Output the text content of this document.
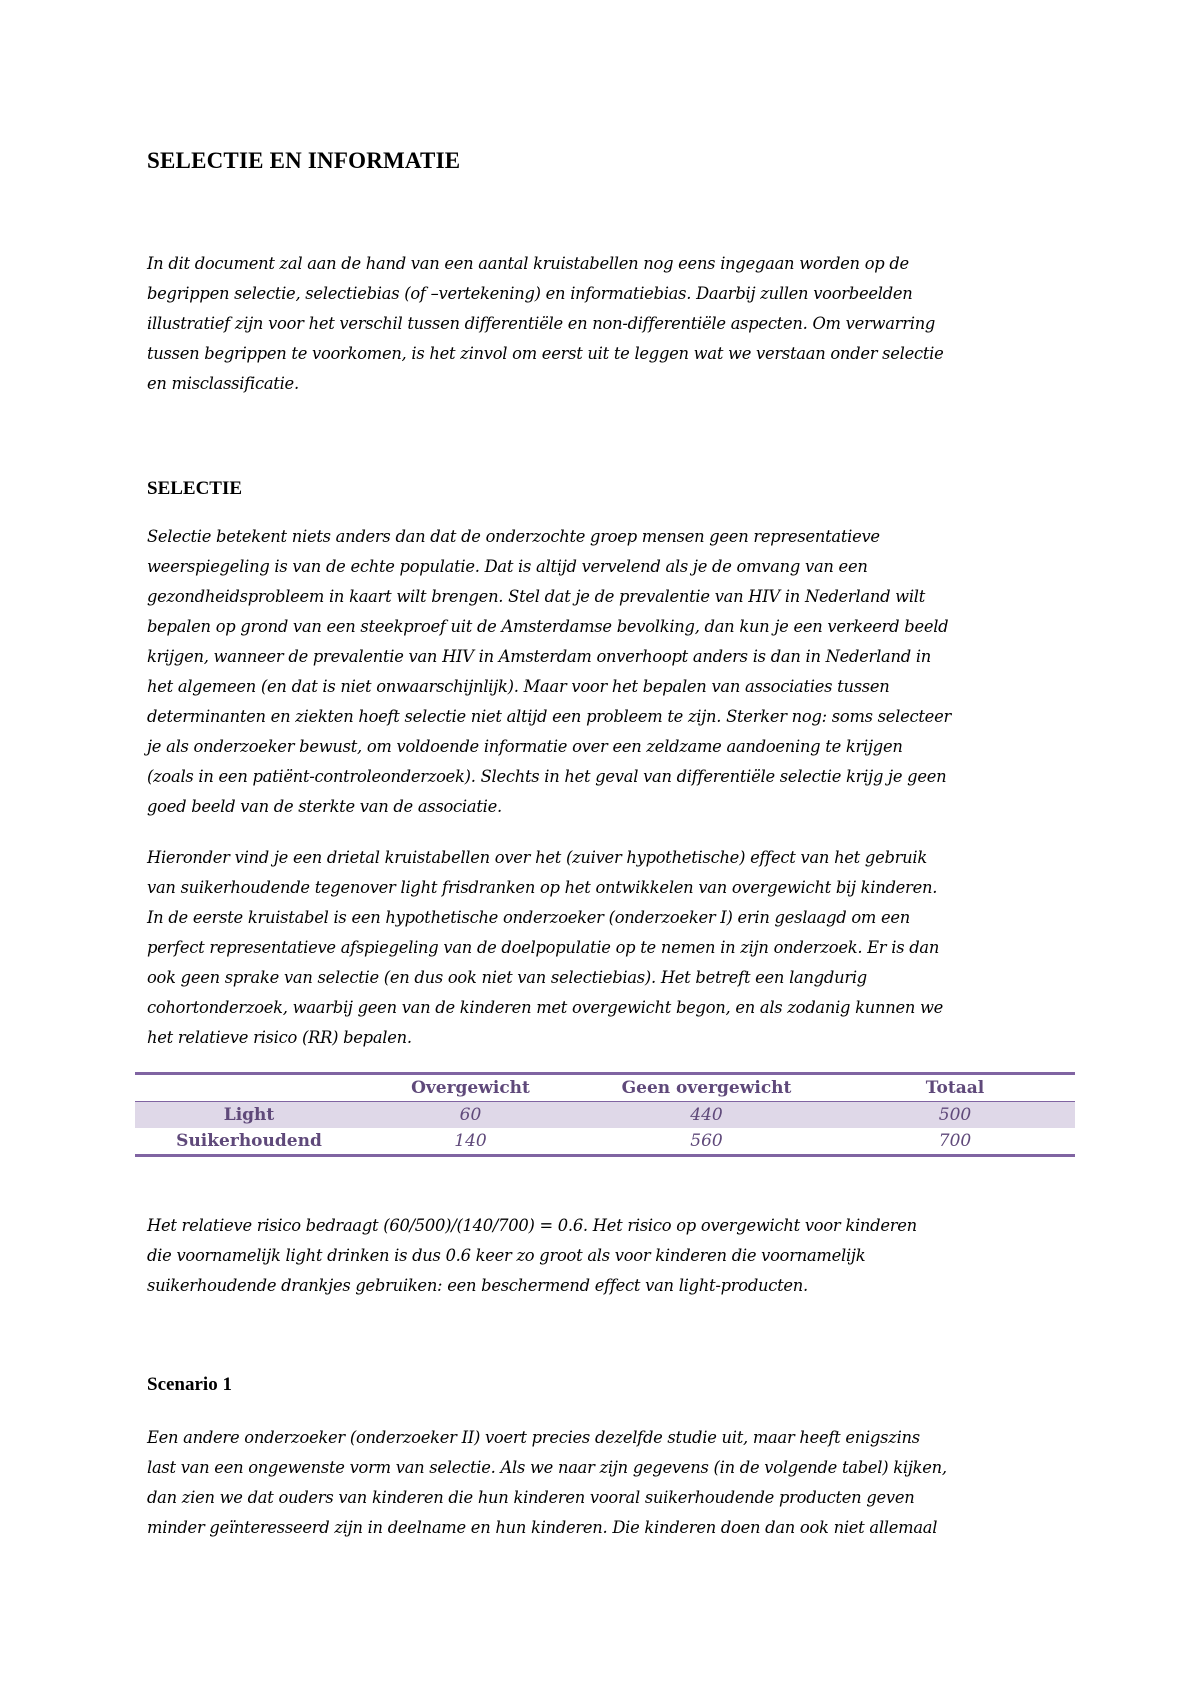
SELECTIE EN INFORMATIE
In dit document zal aan de hand van een aantal kruistabellen nog eens ingegaan worden op de
begrippen selectie, selectiebias (of –vertekening) en informatiebias. Daarbij zullen voorbeelden
illustratief zijn voor het verschil tussen differentiële en non-differentiële aspecten. Om verwarring
tussen begrippen te voorkomen, is het zinvol om eerst uit te leggen wat we verstaan onder selectie
en misclassificatie.
SELECTIE
Selectie betekent niets anders dan dat de onderzochte groep mensen geen representatieve
weerspiegeling is van de echte populatie. Dat is altijd vervelend als je de omvang van een
gezondheidsprobleem in kaart wilt brengen. Stel dat je de prevalentie van HIV in Nederland wilt
bepalen op grond van een steekproef uit de Amsterdamse bevolking, dan kun je een verkeerd beeld
krijgen, wanneer de prevalentie van HIV in Amsterdam onverhoopt anders is dan in Nederland in
het algemeen (en dat is niet onwaarschijnlijk). Maar voor het bepalen van associaties tussen
determinanten en ziekten hoeft selectie niet altijd een probleem te zijn. Sterker nog: soms selecteer
je als onderzoeker bewust, om voldoende informatie over een zeldzame aandoening te krijgen
(zoals in een patiënt-controleonderzoek). Slechts in het geval van differentiële selectie krijg je geen
goed beeld van de sterkte van de associatie.
Hieronder vind je een drietal kruistabellen over het (zuiver hypothetische) effect van het gebruik
van suikerhoudende tegenover light frisdranken op het ontwikkelen van overgewicht bij kinderen.
In de eerste kruistabel is een hypothetische onderzoeker (onderzoeker I) erin geslaagd om een
perfect representatieve afspiegeling van de doelpopulatie op te nemen in zijn onderzoek. Er is dan
ook geen sprake van selectie (en dus ook niet van selectiebias). Het betreft een langdurig
cohortonderzoek, waarbij geen van de kinderen met overgewicht begon, en als zodanig kunnen we
het relatieve risico (RR) bepalen.
	Overgewicht	Geen overgewicht	Totaal
Light	60	440	500
Suikerhoudend	140	560	700
Het relatieve risico bedraagt (60/500)/(140/700) = 0.6. Het risico op overgewicht voor kinderen
die voornamelijk light drinken is dus 0.6 keer zo groot als voor kinderen die voornamelijk
suikerhoudende drankjes gebruiken: een beschermend effect van light-producten.
Scenario 1
Een andere onderzoeker (onderzoeker II) voert precies dezelfde studie uit, maar heeft enigszins
last van een ongewenste vorm van selectie. Als we naar zijn gegevens (in de volgende tabel) kijken,
dan zien we dat ouders van kinderen die hun kinderen vooral suikerhoudende producten geven
minder geïnteresseerd zijn in deelname en hun kinderen. Die kinderen doen dan ook niet allemaal
